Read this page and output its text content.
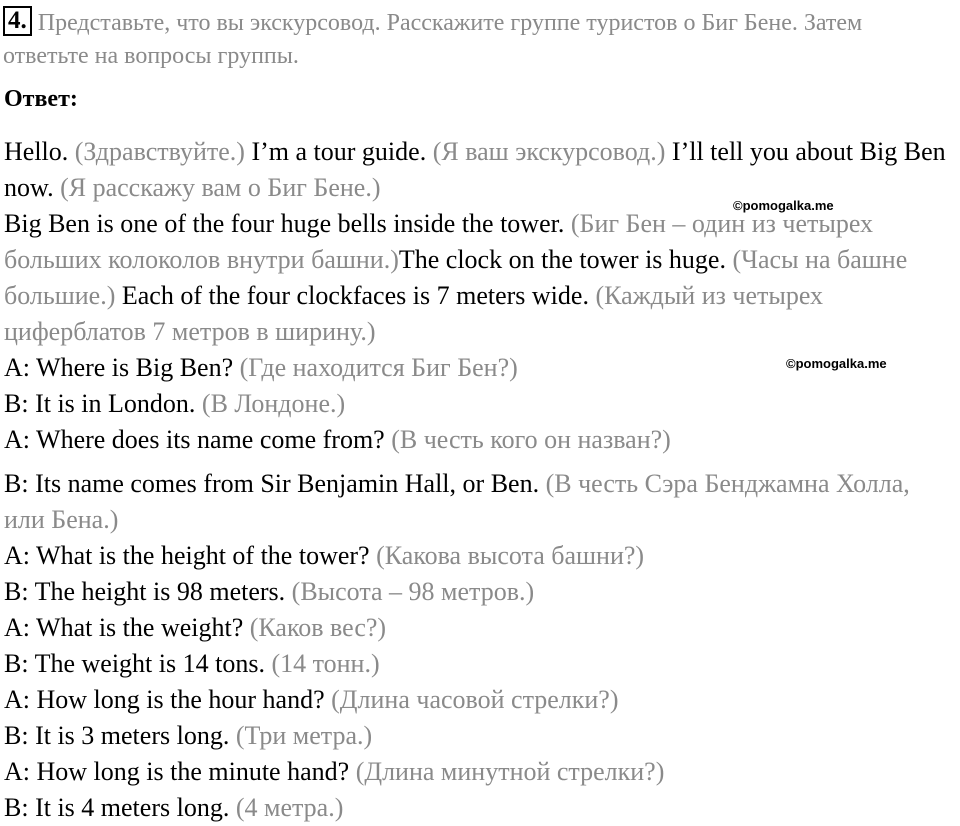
4. Представьте, что вы экскурсовод. Расскажите группе туристов о Биг Бене. Затем ответьте на вопросы группы.
Ответ:

Hello. (Здравствуйте.) I’m a tour guide. (Я ваш экскурсовод.) I’ll tell you about Big Ben now. (Я расскажу вам о Биг Бене.)

Big Ben is one of the four huge bells inside the tower. (Биг Бен – один из четырех больших колоколов внутри башни.)The clock on the tower is huge. (Часы на башне большие.) Each of the four clockfaces is 7 meters wide. (Каждый из четырех циферблатов 7 метров в ширину.)

A: Where is Big Ben? (Где находится Биг Бен?)

B: It is in London. (В Лондоне.)

A: Where does its name come from? (В честь кого он назван?)

B: Its name comes from Sir Benjamin Hall, or Ben. (В честь Сэра Бенджамна Холла, или Бена.)

A: What is the height of the tower? (Какова высота башни?)

B: The height is 98 meters. (Высота – 98 метров.)

A: What is the weight? (Каков вес?)

B: The weight is 14 tons. (14 тонн.)

A: How long is the hour hand? (Длина часовой стрелки?)

B: It is 3 meters long. (Три метра.)

A: How long is the minute hand? (Длина минутной стрелки?)

B: It is 4 meters long. (4 метра.)

©pomogalka.me
©pomogalka.me
